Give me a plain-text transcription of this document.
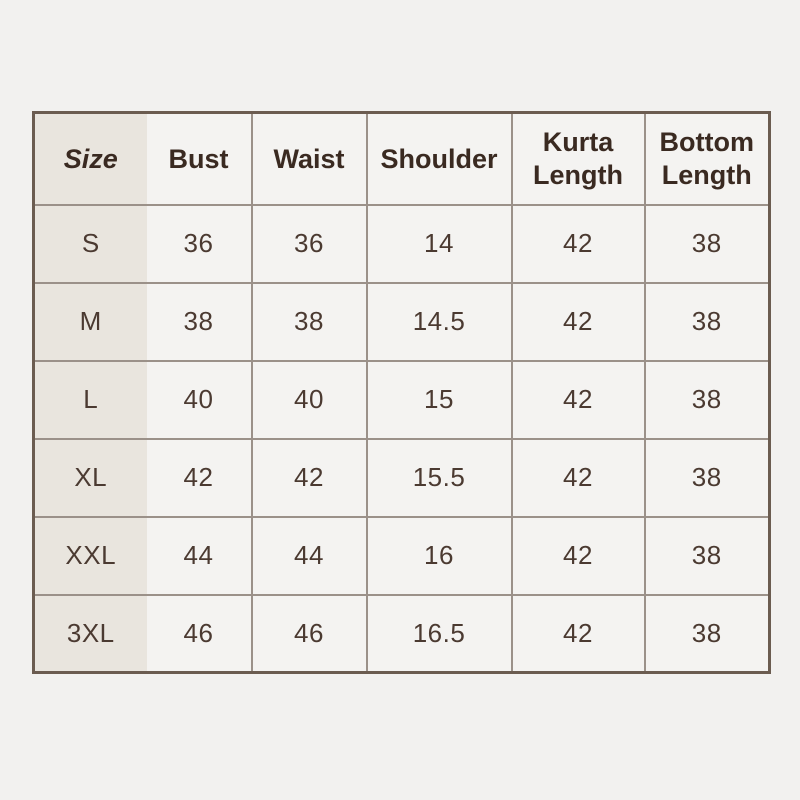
Size	Bust	Waist	Shoulder	Kurta Length	Bottom Length
S	36	36	14	42	38
M	38	38	14.5	42	38
L	40	40	15	42	38
XL	42	42	15.5	42	38
XXL	44	44	16	42	38
3XL	46	46	16.5	42	38
